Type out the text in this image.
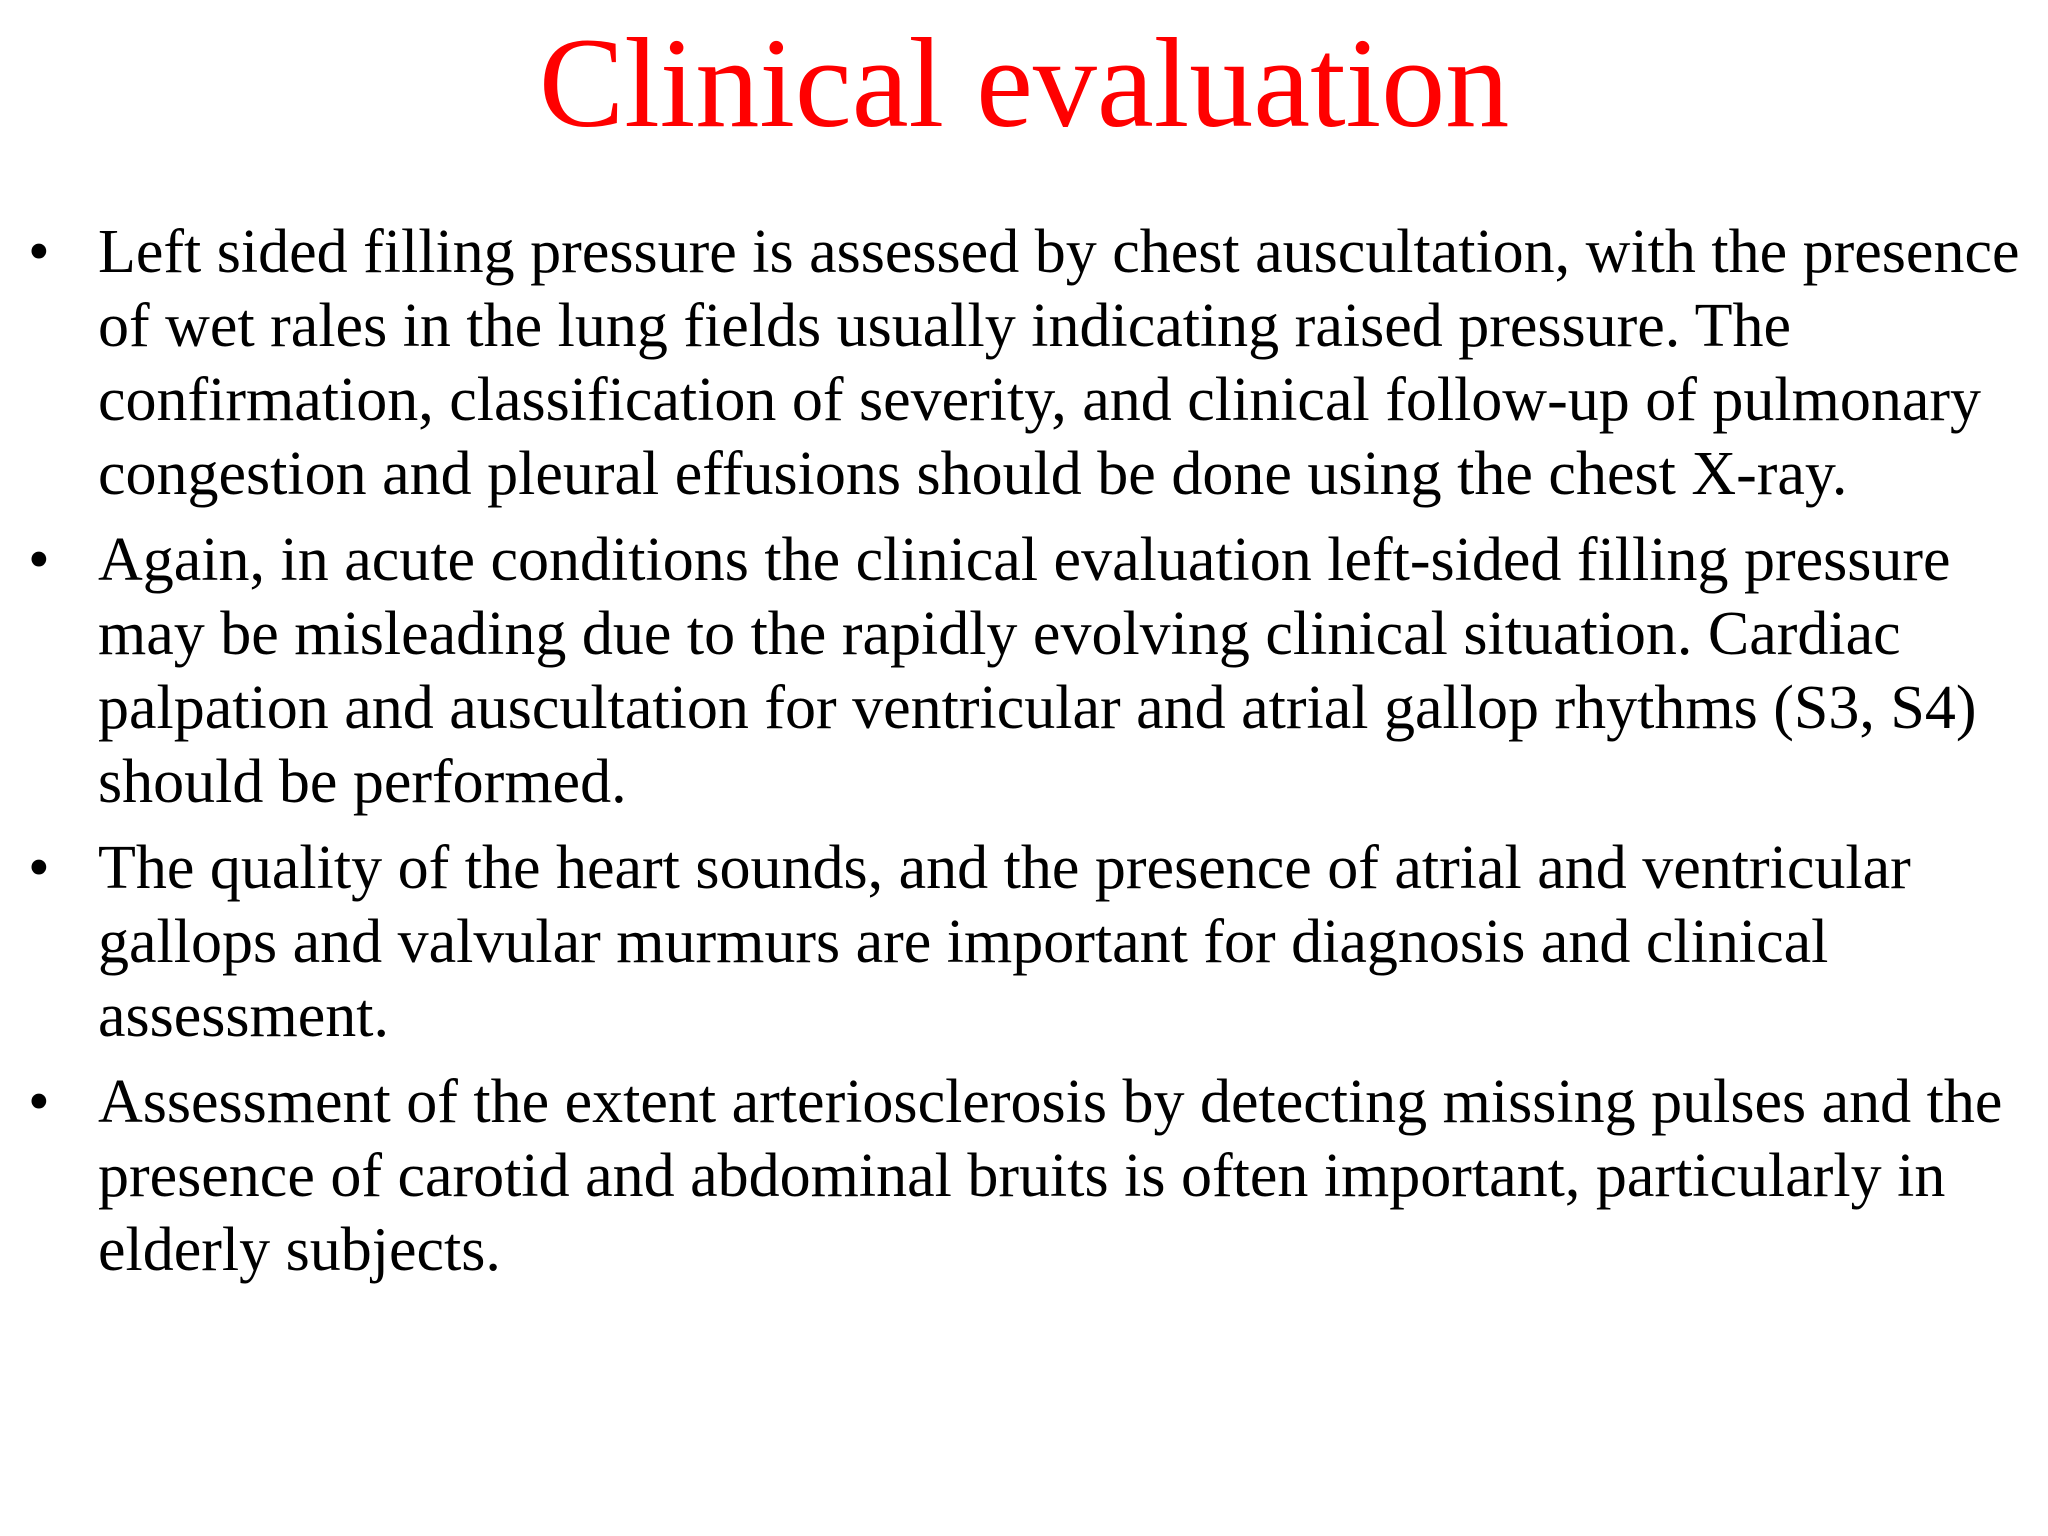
Clinical evaluation
• Left sided filling pressure is assessed by chest auscultation, with the presence of wet rales in the lung fields usually indicating raised pressure. The confirmation, classification of severity, and clinical follow-up of pulmonary congestion and pleural effusions should be done using the chest X-ray.
• Again, in acute conditions the clinical evaluation left-sided filling pressure may be misleading due to the rapidly evolving clinical situation. Cardiac palpation and auscultation for ventricular and atrial gallop rhythms (S3, S4) should be performed.
• The quality of the heart sounds, and the presence of atrial and ventricular gallops and valvular murmurs are important for diagnosis and clinical assessment.
• Assessment of the extent arteriosclerosis by detecting missing pulses and the presence of carotid and abdominal bruits is often important, particularly in elderly subjects.
